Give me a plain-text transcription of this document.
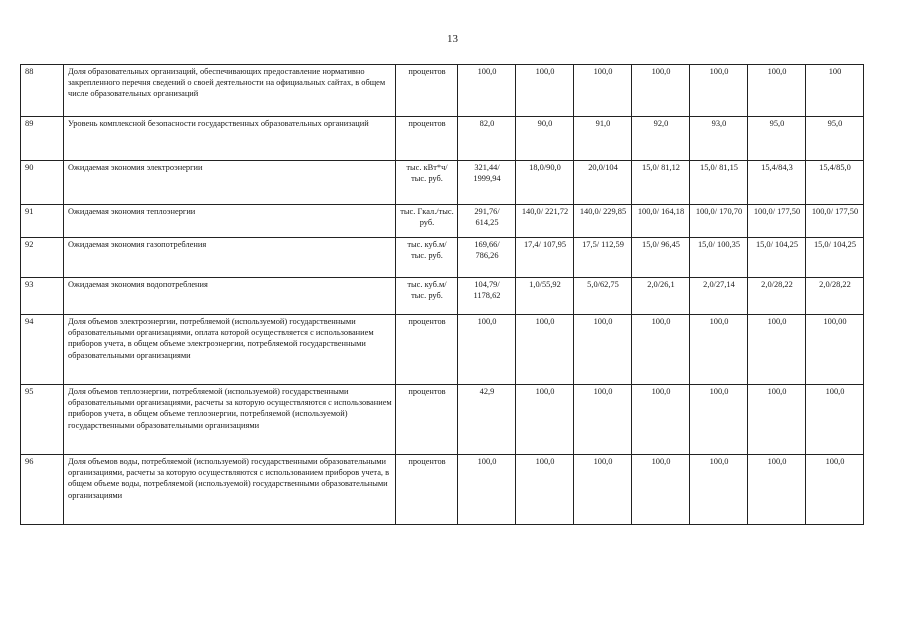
13
88	Доля образовательных организаций, обеспечивающих предоставление нормативно закрепленного перечня сведений о своей деятельности на официальных сайтах, в общем числе образовательных организаций	процентов	100,0	100,0	100,0	100,0	100,0	100,0	100
89	Уровень комплексной безопасности государственных образовательных организаций	процентов	82,0	90,0	91,0	92,0	93,0	95,0	95,0
90	Ожидаемая экономия электроэнергии	тыс. кВт*ч/тыс. руб.	321,44/ 1999,94	18,0/90,0	20,0/104	15,0/ 81,12	15,0/ 81,15	15,4/84,3	15,4/85,0
91	Ожидаемая экономия теплоэнергии	тыс. Гкал./тыс. руб.	291,76/ 614,25	140,0/ 221,72	140,0/ 229,85	100,0/ 164,18	100,0/ 170,70	100,0/ 177,50	100,0/ 177,50
92	Ожидаемая экономия газопотребления	тыс. куб.м/тыс. руб.	169,66/ 786,26	17,4/ 107,95	17,5/ 112,59	15,0/ 96,45	15,0/ 100,35	15,0/ 104,25	15,0/ 104,25
93	Ожидаемая экономия водопотребления	тыс. куб.м/тыс. руб.	104,79/ 1178,62	1,0/55,92	5,0/62,75	2,0/26,1	2,0/27,14	2,0/28,22	2,0/28,22
94	Доля объемов электроэнергии, потребляемой (используемой) государственными образовательными организациями, оплата которой осуществляется с использованием приборов учета, в общем объеме электроэнергии, потребляемой государственными образовательными организациями	процентов	100,0	100,0	100,0	100,0	100,0	100,0	100,00
95	Доля объемов теплоэнергии, потребляемой (используемой) государственными образовательными организациями, расчеты за которую осуществляются с использованием приборов учета, в общем объеме теплоэнергии, потребляемой (используемой) государственными образовательными организациями	процентов	42,9	100,0	100,0	100,0	100,0	100,0	100,0
96	Доля объемов воды, потребляемой (используемой) государственными образовательными организациями, расчеты за которую осуществляются с использованием приборов учета, в общем объеме воды, потребляемой (используемой) государственными образовательными организациями	процентов	100,0	100,0	100,0	100,0	100,0	100,0	100,0
